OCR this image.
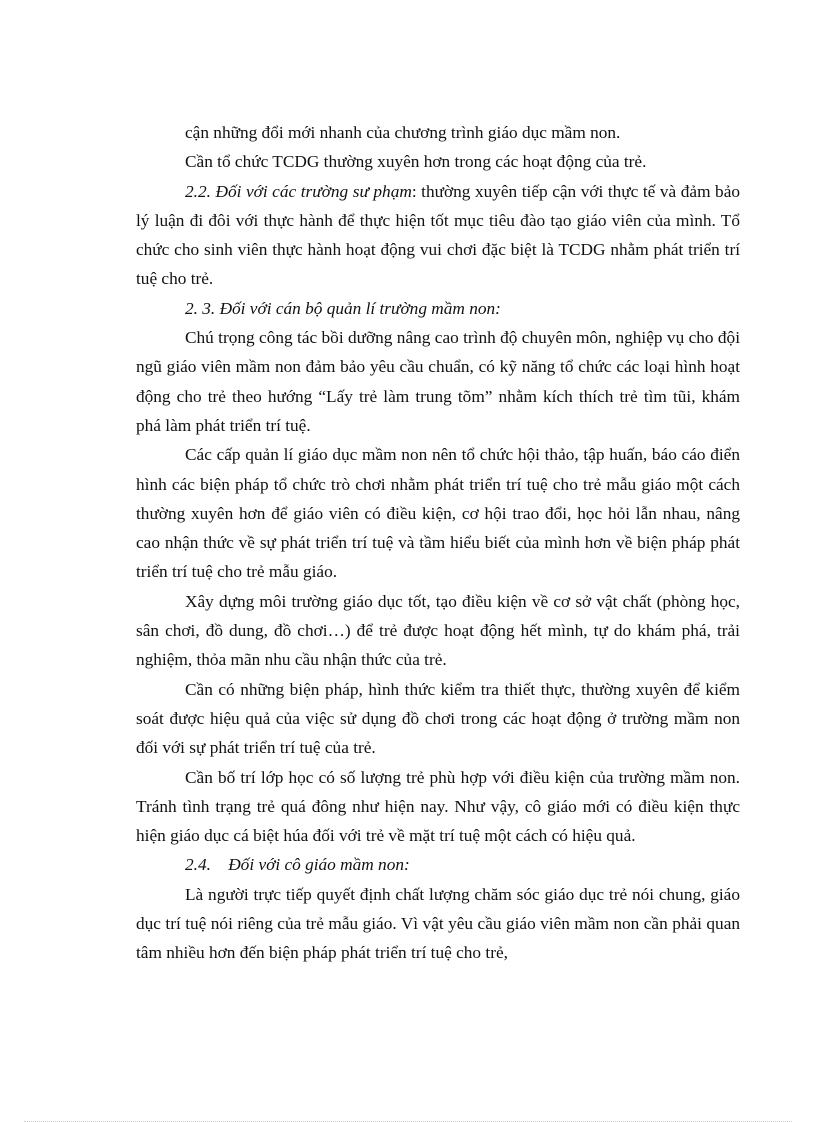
cận những đổi mới nhanh của chương trình giáo dục mầm non.

Cần tổ chức TCDG thường xuyên hơn trong các hoạt động của trẻ.

2.2. Đối với các trường sư phạm: thường xuyên tiếp cận với thực tế và đảm bảo lý luận đi đôi với thực hành để thực hiện tốt mục tiêu đào tạo giáo viên của mình. Tổ chức cho sinh viên thực hành hoạt động vui chơi đặc biệt là TCDG nhằm phát triển trí tuệ cho trẻ.

2. 3. Đối với cán bộ quản lí trường mầm non:

Chú trọng công tác bồi dưỡng nâng cao trình độ chuyên môn, nghiệp vụ cho đội ngũ giáo viên mầm non đảm bảo yêu cầu chuẩn, có kỹ năng tổ chức các loại hình hoạt động cho trẻ theo hướng “Lấy trẻ làm trung tõm” nhằm kích thích trẻ tìm tũi, khám phá làm phát triển trí tuệ.

Các cấp quản lí giáo dục mầm non nên tổ chức hội thảo, tập huấn, báo cáo điển hình các biện pháp tổ chức trò chơi nhằm phát triển trí tuệ cho trẻ mẫu giáo một cách thường xuyên hơn để giáo viên có điều kiện, cơ hội trao đổi, học hỏi lẫn nhau, nâng cao nhận thức về sự phát triển trí tuệ và tầm hiểu biết của mình hơn về biện pháp phát triển trí tuệ cho trẻ mẫu giáo.

Xây dựng môi trường giáo dục tốt, tạo điều kiện về cơ sở vật chất (phòng học, sân chơi, đồ dung, đồ chơi…) để trẻ được hoạt động hết mình, tự do khám phá, trải nghiệm, thỏa mãn nhu cầu nhận thức của trẻ.

Cần có những biện pháp, hình thức kiểm tra thiết thực, thường xuyên để kiểm soát được hiệu quả của việc sử dụng đồ chơi trong các hoạt động ở trường mầm non đối với sự phát triển trí tuệ của trẻ.

Cần bố trí lớp học có số lượng trẻ phù hợp với điều kiện của trường mầm non. Tránh tình trạng trẻ quá đông như hiện nay. Như vậy, cô giáo mới có điều kiện thực hiện giáo dục cá biệt húa đối với trẻ về mặt trí tuệ một cách có hiệu quả.

2.4.    Đối với cô giáo mầm non:

Là người trực tiếp quyết định chất lượng chăm sóc giáo dục trẻ nói chung, giáo dục trí tuệ nói riêng của trẻ mẫu giáo. Vì vật yêu cầu giáo viên mầm non cần phải quan tâm nhiều hơn đến biện pháp phát triển trí tuệ cho trẻ,
